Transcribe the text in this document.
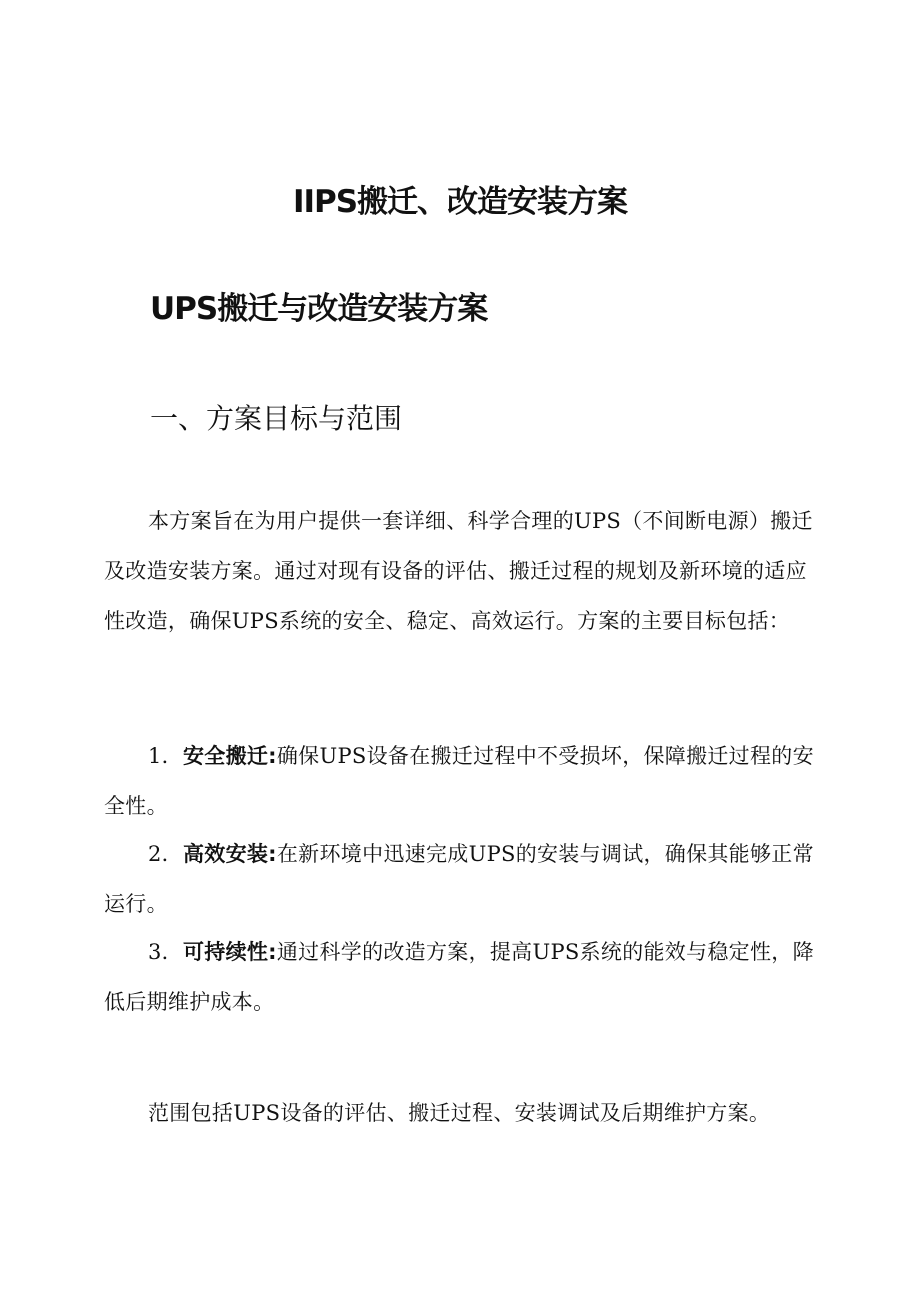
IIPS搬迁、改造安装方案
UPS搬迁与改造安装方案
一、方案目标与范围

本方案旨在为用户提供一套详细、科学合理的UPS（不间断电源）搬迁及改造安装方案。通过对现有设备的评估、搬迁过程的规划及新环境的适应性改造，确保UPS系统的安全、稳定、高效运行。方案的主要目标包括：

1．安全搬迁:确保UPS设备在搬迁过程中不受损坏，保障搬迁过程的安全性。

2．高效安装:在新环境中迅速完成UPS的安装与调试，确保其能够正常运行。

3．可持续性:通过科学的改造方案，提高UPS系统的能效与稳定性，降低后期维护成本。

范围包括UPS设备的评估、搬迁过程、安装调试及后期维护方案。
